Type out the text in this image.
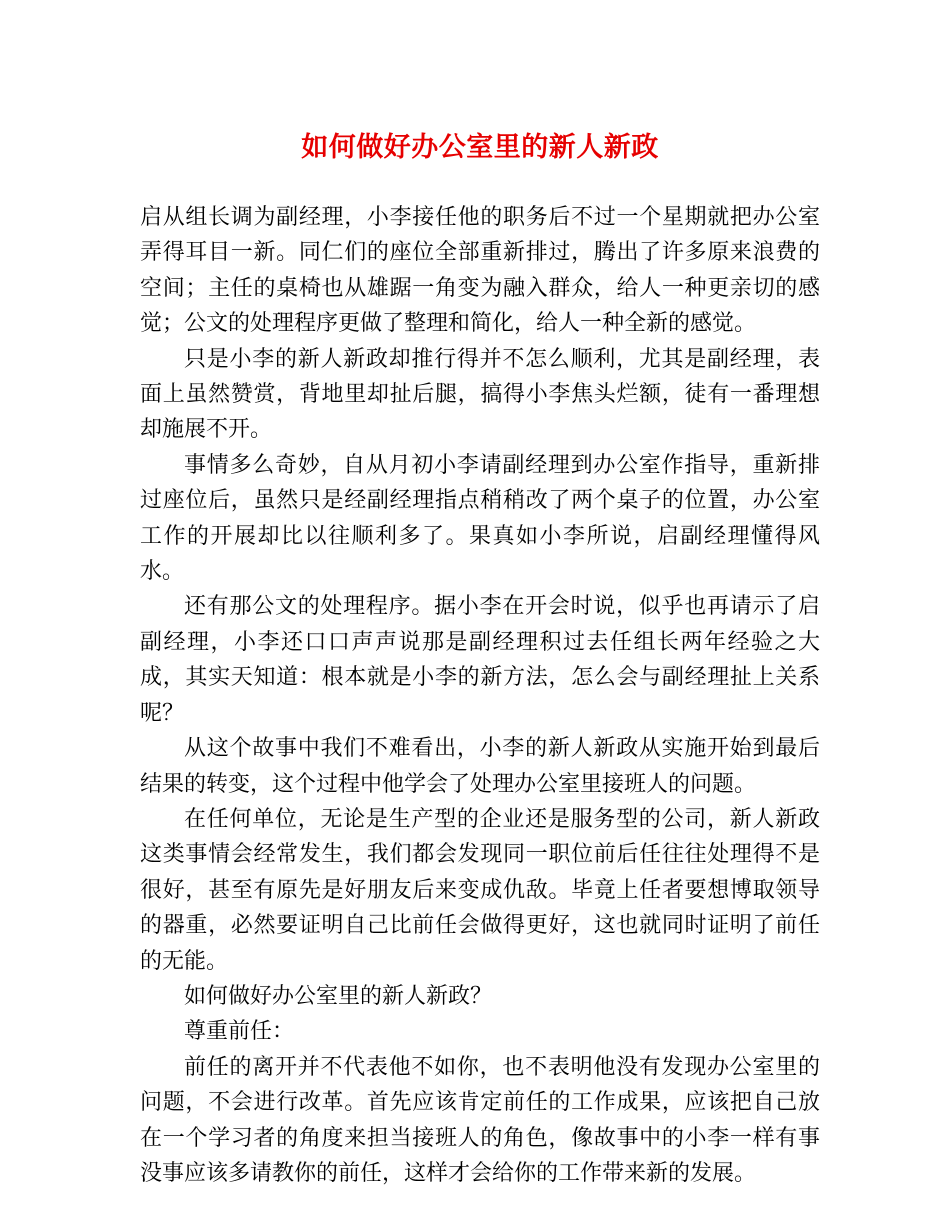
如何做好办公室里的新人新政

启从组长调为副经理，小李接任他的职务后不过一个星期就把办公室弄得耳目一新。同仁们的座位全部重新排过，腾出了许多原来浪费的空间；主任的桌椅也从雄踞一角变为融入群众，给人一种更亲切的感觉；公文的处理程序更做了整理和简化，给人一种全新的感觉。

只是小李的新人新政却推行得并不怎么顺利，尤其是副经理，表面上虽然赞赏，背地里却扯后腿，搞得小李焦头烂额，徒有一番理想却施展不开。

事情多么奇妙，自从月初小李请副经理到办公室作指导，重新排过座位后，虽然只是经副经理指点稍稍改了两个桌子的位置，办公室工作的开展却比以往顺利多了。果真如小李所说，启副经理懂得风水。

还有那公文的处理程序。据小李在开会时说，似乎也再请示了启副经理，小李还口口声声说那是副经理积过去任组长两年经验之大成，其实天知道：根本就是小李的新方法，怎么会与副经理扯上关系呢？

从这个故事中我们不难看出，小李的新人新政从实施开始到最后结果的转变，这个过程中他学会了处理办公室里接班人的问题。

在任何单位，无论是生产型的企业还是服务型的公司，新人新政这类事情会经常发生，我们都会发现同一职位前后任往往处理得不是很好，甚至有原先是好朋友后来变成仇敌。毕竟上任者要想博取领导的器重，必然要证明自己比前任会做得更好，这也就同时证明了前任的无能。

如何做好办公室里的新人新政？

尊重前任：

前任的离开并不代表他不如你，也不表明他没有发现办公室里的问题，不会进行改革。首先应该肯定前任的工作成果，应该把自己放在一个学习者的角度来担当接班人的角色，像故事中的小李一样有事没事应该多请教你的前任，这样才会给你的工作带来新的发展。
